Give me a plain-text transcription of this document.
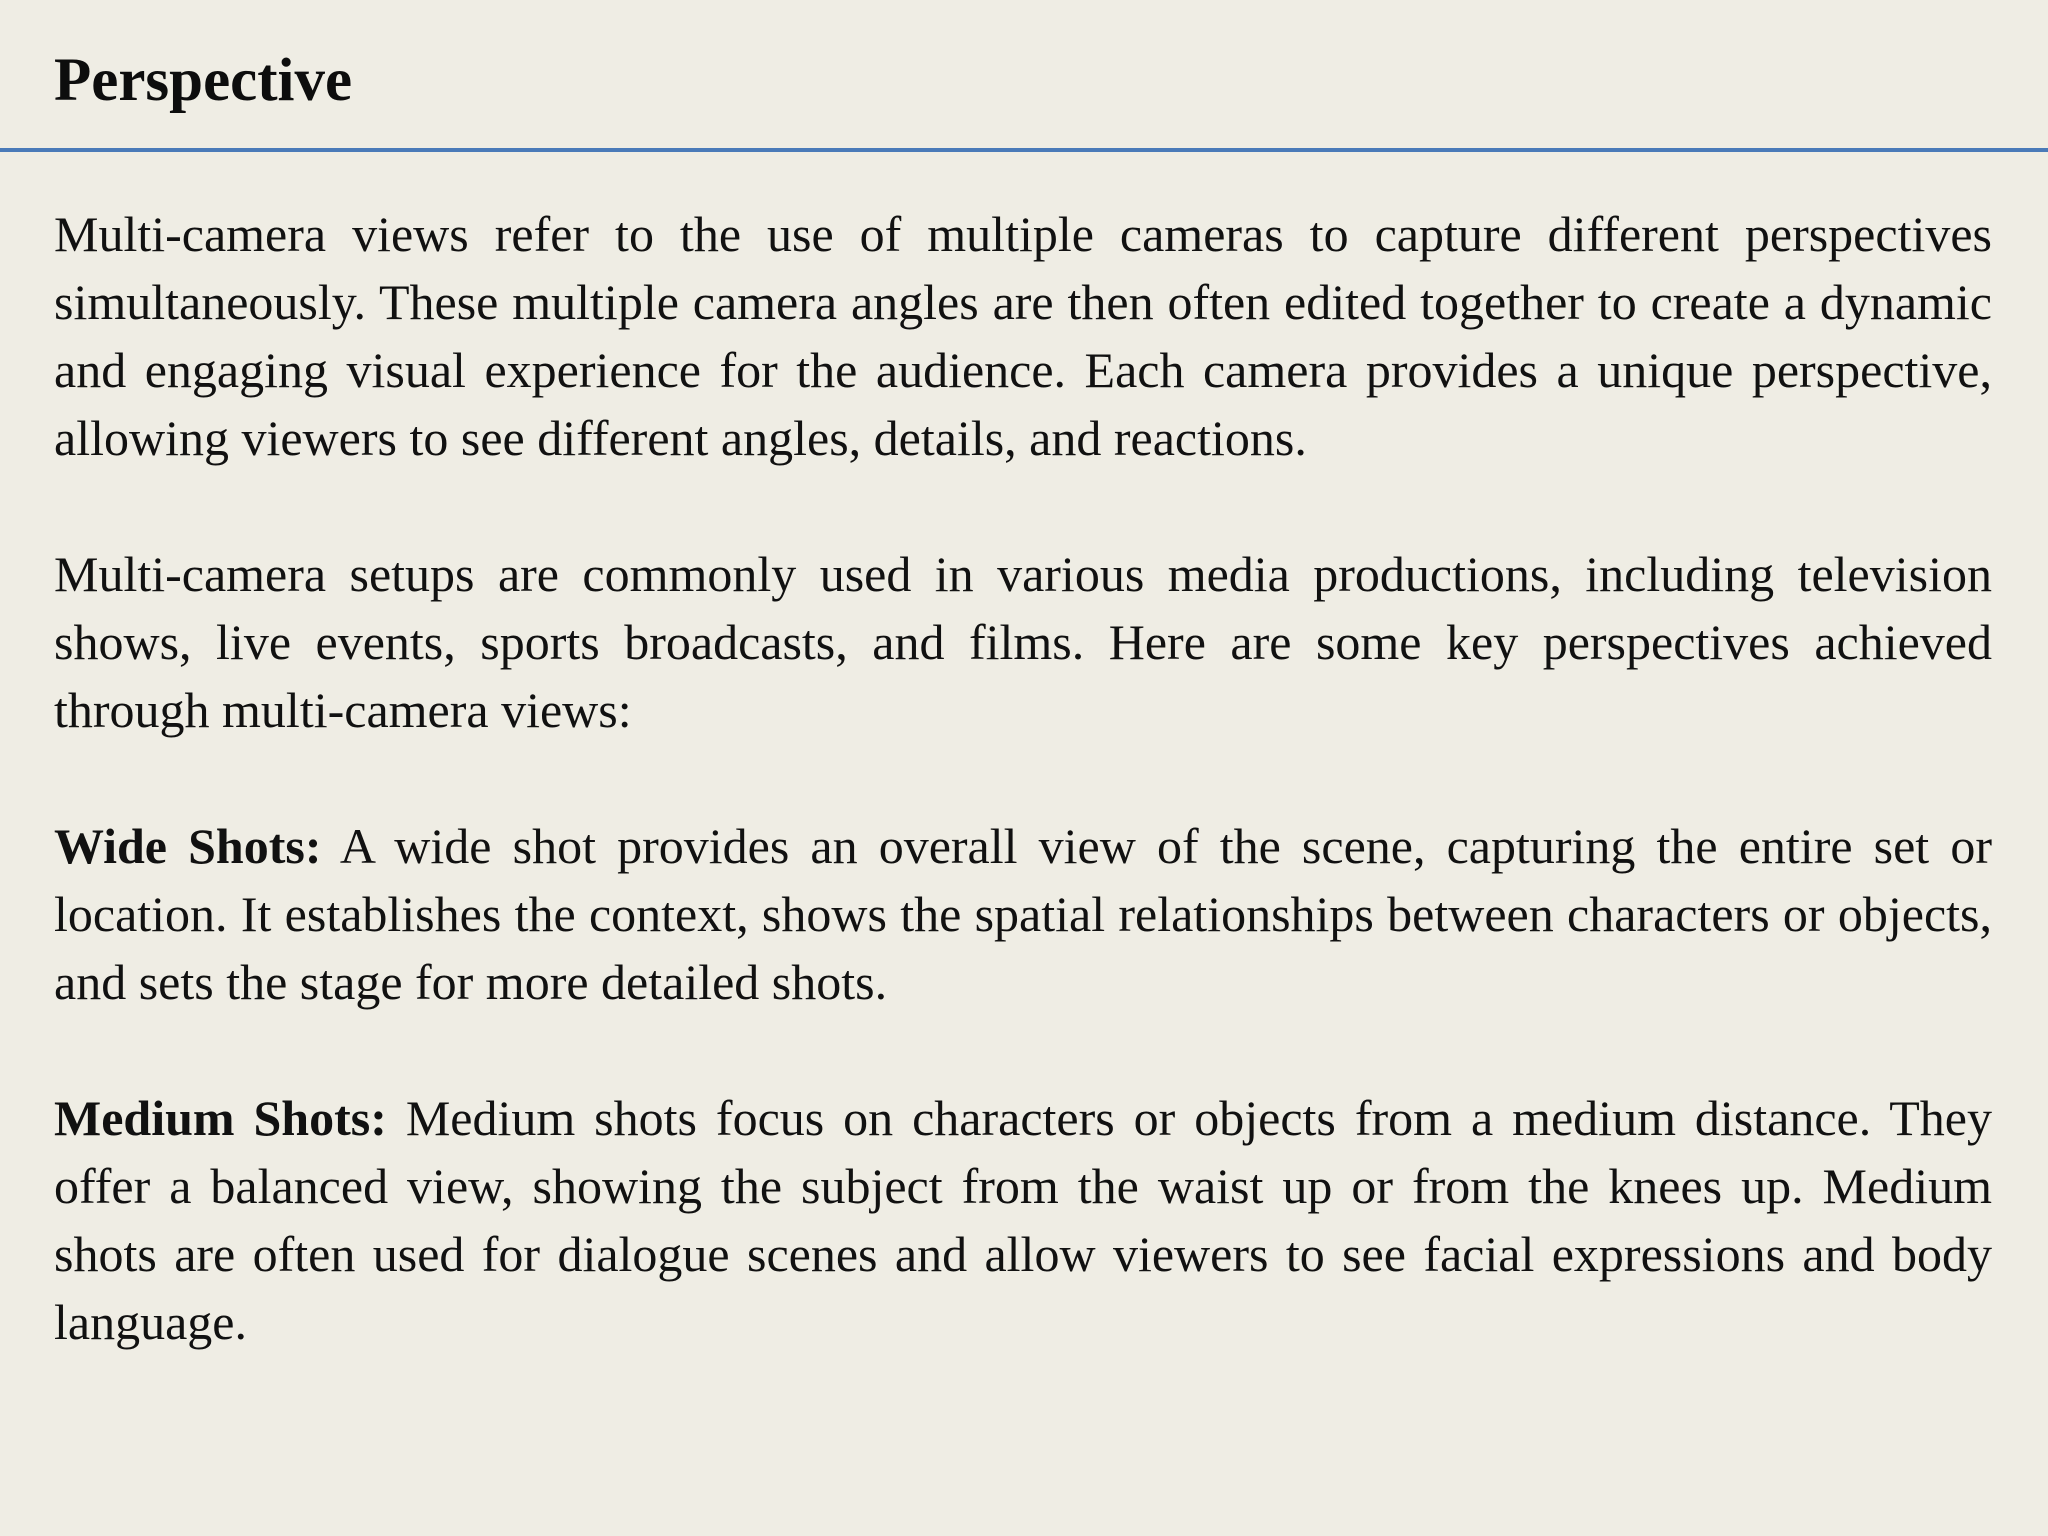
Perspective

Multi-camera views refer to the use of multiple cameras to capture different perspectives simultaneously. These multiple camera angles are then often edited together to create a dynamic and engaging visual experience for the audience. Each camera provides a unique perspective, allowing viewers to see different angles, details, and reactions.

Multi-camera setups are commonly used in various media productions, including television shows, live events, sports broadcasts, and films. Here are some key perspectives achieved through multi-camera views:

Wide Shots: A wide shot provides an overall view of the scene, capturing the entire set or location. It establishes the context, shows the spatial relationships between characters or objects, and sets the stage for more detailed shots.

Medium Shots: Medium shots focus on characters or objects from a medium distance. They offer a balanced view, showing the subject from the waist up or from the knees up. Medium shots are often used for dialogue scenes and allow viewers to see facial expressions and body language.
